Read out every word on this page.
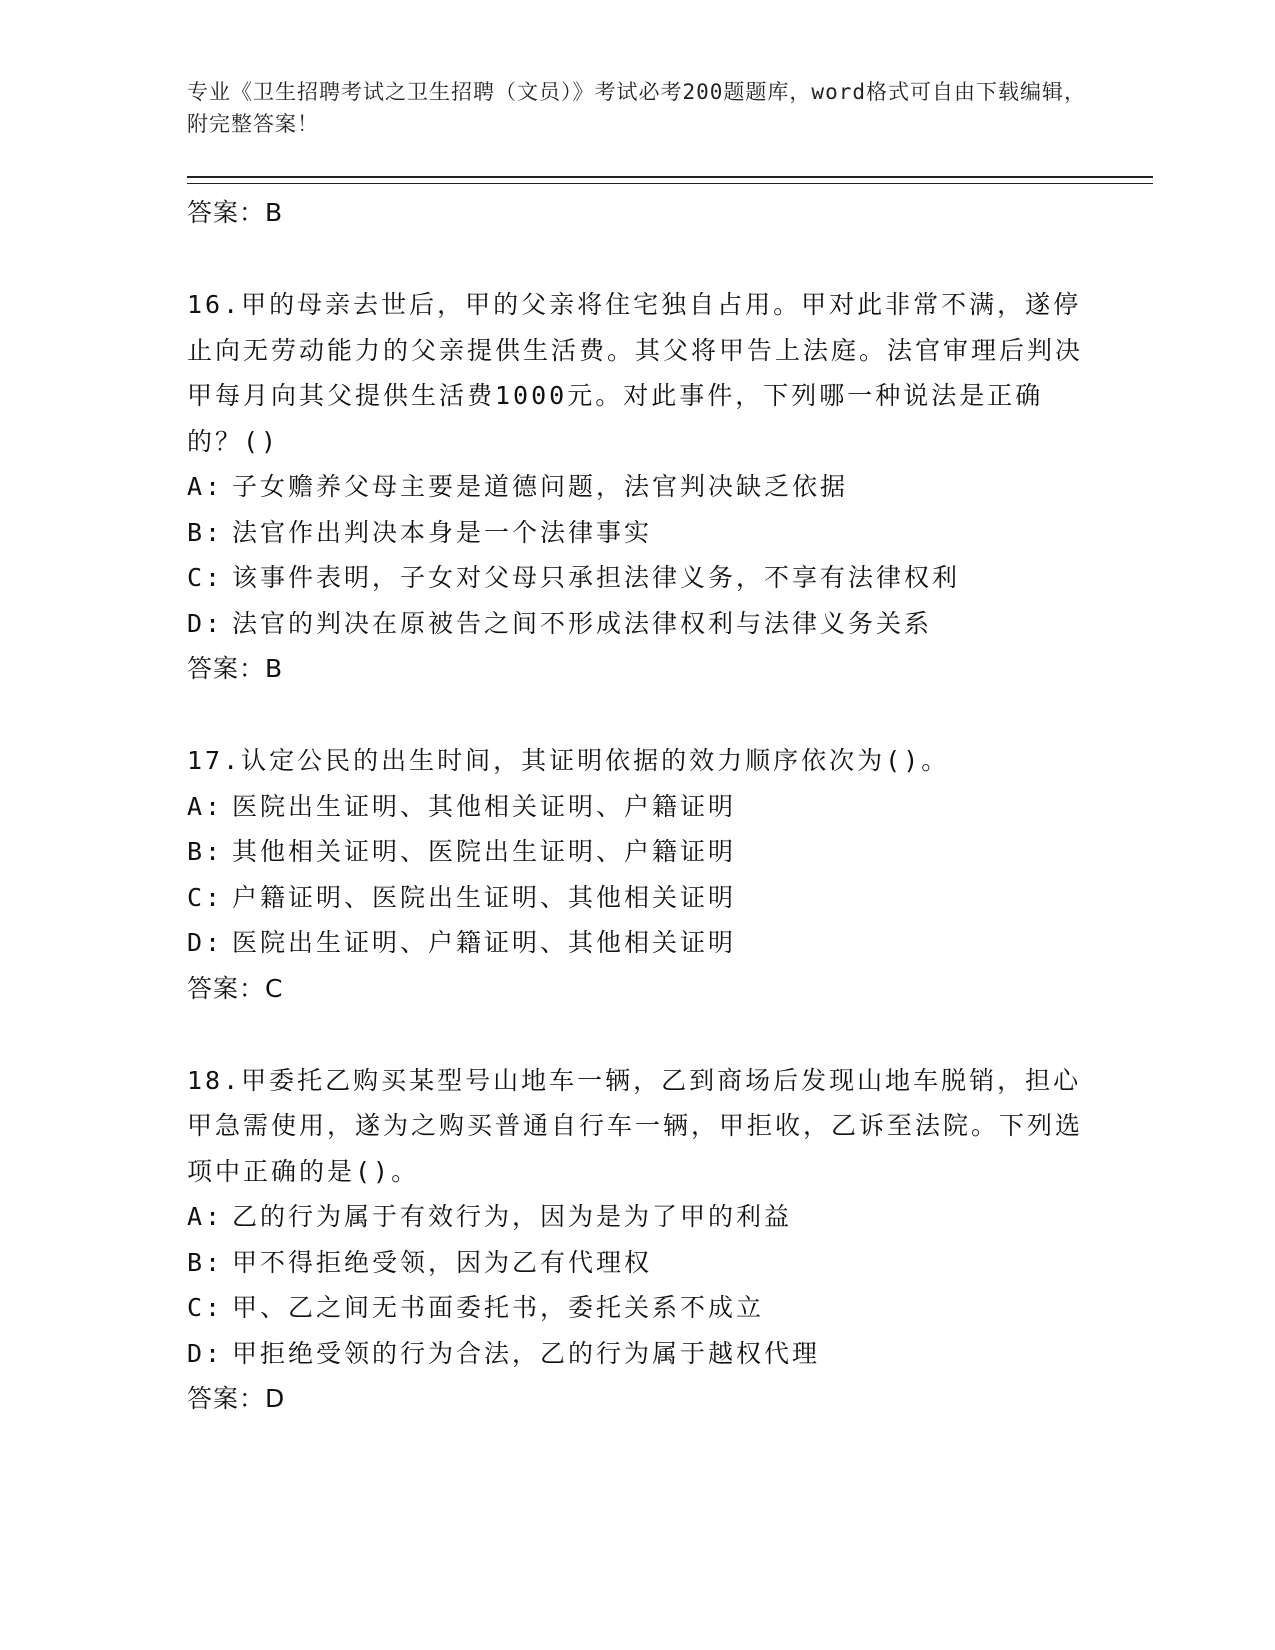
专业《卫生招聘考试之卫生招聘（文员）》考试必考200题题库，word格式可自由下载编辑，附完整答案！
答案：B
16.甲的母亲去世后，甲的父亲将住宅独自占用。甲对此非常不满，遂停止向无劳动能力的父亲提供生活费。其父将甲告上法庭。法官审理后判决甲每月向其父提供生活费1000元。对此事件，下列哪一种说法是正确的？()
A: 子女赡养父母主要是道德问题，法官判决缺乏依据
B: 法官作出判决本身是一个法律事实
C: 该事件表明，子女对父母只承担法律义务，不享有法律权利
D: 法官的判决在原被告之间不形成法律权利与法律义务关系
答案：B
17.认定公民的出生时间，其证明依据的效力顺序依次为()。
A: 医院出生证明、其他相关证明、户籍证明
B: 其他相关证明、医院出生证明、户籍证明
C: 户籍证明、医院出生证明、其他相关证明
D: 医院出生证明、户籍证明、其他相关证明
答案：C
18.甲委托乙购买某型号山地车一辆，乙到商场后发现山地车脱销，担心甲急需使用，遂为之购买普通自行车一辆，甲拒收，乙诉至法院。下列选项中正确的是()。
A: 乙的行为属于有效行为，因为是为了甲的利益
B: 甲不得拒绝受领，因为乙有代理权
C: 甲、乙之间无书面委托书，委托关系不成立
D: 甲拒绝受领的行为合法，乙的行为属于越权代理
答案：D
